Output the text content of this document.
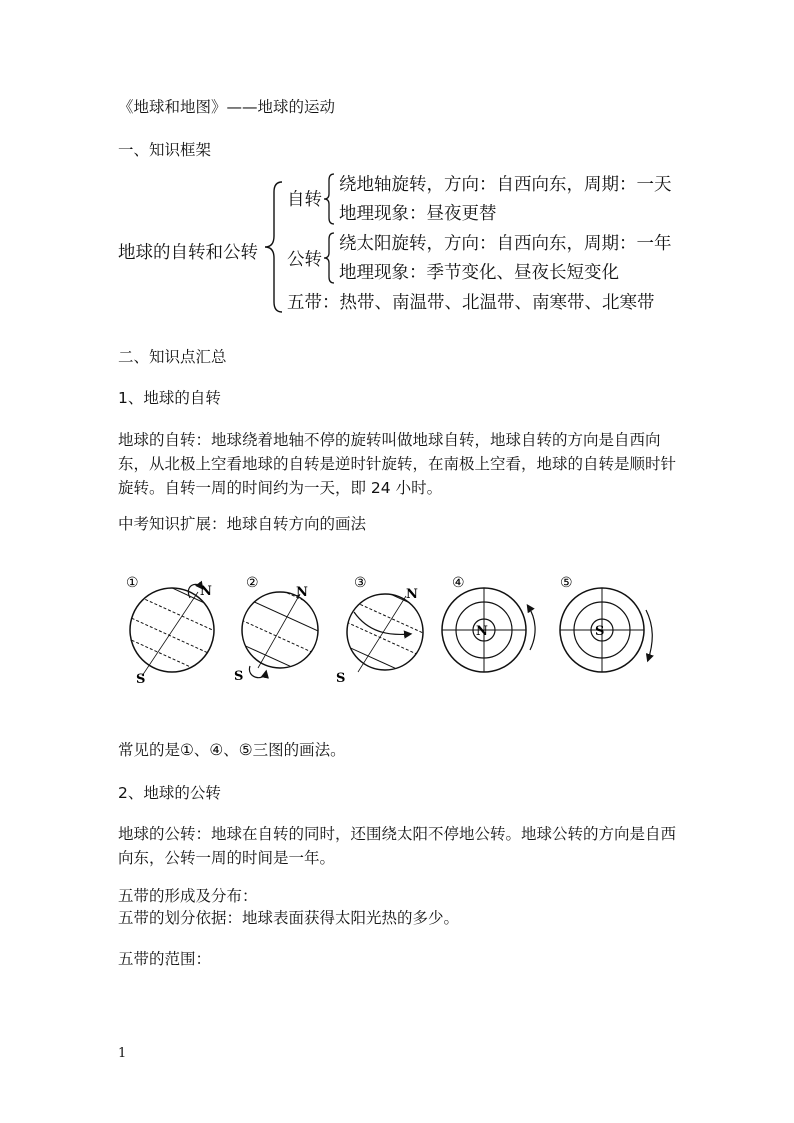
《地球和地图》——地球的运动
一、知识框架
地球的自转和公转
自转
绕地轴旋转，方向：自西向东，周期：一天
地理现象：昼夜更替
公转
绕太阳旋转，方向：自西向东，周期：一年
地理现象：季节变化、昼夜长短变化
五带：热带、南温带、北温带、南寒带、北寒带
二、知识点汇总
1、地球的自转
地球的自转：地球绕着地轴不停的旋转叫做地球自转，地球自转的方向是自西向东，从北极上空看地球的自转是逆时针旋转，在南极上空看，地球的自转是顺时针旋转。自转一周的时间约为一天，即 24 小时。
中考知识扩展：地球自转方向的画法
①
N
S
②
N
S
③
N
S
④
N
⑤
S
常见的是①、④、⑤三图的画法。
2、地球的公转
地球的公转：地球在自转的同时，还围绕太阳不停地公转。地球公转的方向是自西向东，公转一周的时间是一年。
五带的形成及分布：
五带的划分依据：地球表面获得太阳光热的多少。
五带的范围：
1
